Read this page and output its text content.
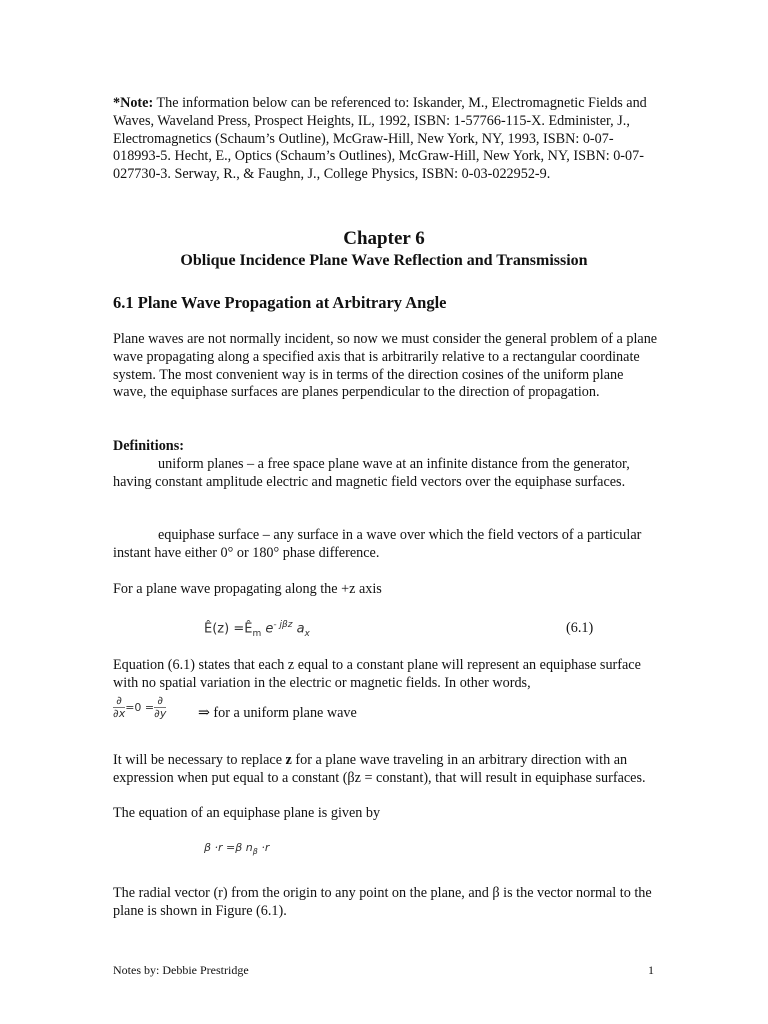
*Note: The information below can be referenced to: Iskander, M., Electromagnetic Fields and Waves, Waveland Press, Prospect Heights, IL, 1992, ISBN: 1-57766-115-X. Edminister, J., Electromagnetics (Schaum’s Outline), McGraw-Hill, New York, NY, 1993, ISBN: 0-07-018993-5. Hecht, E., Optics (Schaum’s Outlines), McGraw-Hill, New York, NY, ISBN: 0-07-027730-3. Serway, R., & Faughn, J., College Physics, ISBN: 0-03-022952-9.

Chapter 6

Oblique Incidence Plane Wave Reflection and Transmission

6.1 Plane Wave Propagation at Arbitrary Angle

Plane waves are not normally incident, so now we must consider the general problem of a plane wave propagating along a specified axis that is arbitrarily relative to a rectangular coordinate system. The most convenient way is in terms of the direction cosines of the uniform plane wave, the equiphase surfaces are planes perpendicular to the direction of propagation.

Definitions:

uniform planes – a free space plane wave at an infinite distance from the generator, having constant amplitude electric and magnetic field vectors over the equiphase surfaces.

equiphase surface – any surface in a wave over which the field vectors of a particular instant have either 0° or 180° phase difference.

For a plane wave propagating along the +z axis

Ê(z) $=Ê_m$ $e^{- j\beta z}$ $a_x$	(6.1)

Equation (6.1) states that each z equal to a constant plane will represent an equiphase surface with no spatial variation in the electric or magnetic fields. In other words,

$\frac{\partial}{\partial x} =0 = \frac{\partial}{\partial y}$ ⇒ for a uniform plane wave

It will be necessary to replace z for a plane wave traveling in an arbitrary direction with an expression when put equal to a constant (βz = constant), that will result in equiphase surfaces.

The equation of an equiphase plane is given by

β ·r =β $n_\beta \cdot r$

The radial vector (r) from the origin to any point on the plane, and β is the vector normal to the plane is shown in Figure (6.1).

Notes by: Debbie Prestridge	1
